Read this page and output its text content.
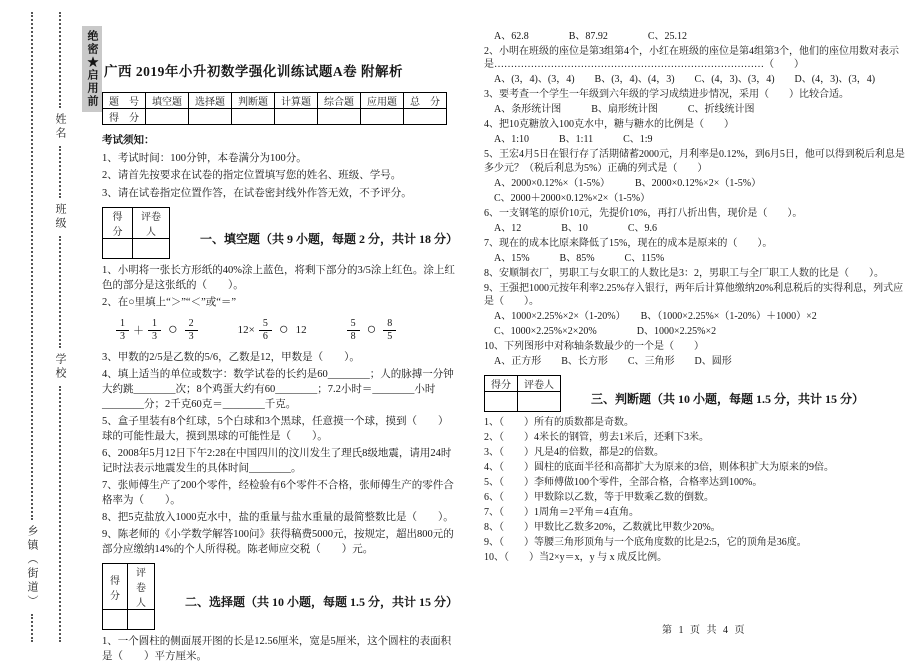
乡镇（街道）
姓名
班级
学校
绝密★启用前 广西 2019年小升初数学强化训练试题A卷 附解析
题　号	填空题	选择题	判断题	计算题	综合题	应用题	总　分
得　分							

考试须知：

1、考试时间：100分钟，本卷满分为100分。

2、请首先按要求在试卷的指定位置填写您的姓名、班级、学号。

3、请在试卷指定位置作答，在试卷密封线外作答无效，不予评分。

得分	评卷人
		一、填空题（共 9 小题，每题 2 分，共计 18 分）

1、小明将一张长方形纸的40%涂上蓝色，将剩下部分的3/5涂上红色。涂上红色的部分是这张纸的（　　）。

2、在○里填上“＞”“＜”或“＝”

$\frac{1}{3} + \frac{1}{3}$ ○ $\frac{2}{3}$	$12\times \frac{5}{6}$ ○ 12	$\frac{5}{8}$ ○ $\frac{8}{5}$

3、甲数的2/5是乙数的5/6，乙数是12，甲数是（　　）。

4、填上适当的单位或数字：数学试卷的长约是60________；人的脉搏一分钟大约跳________次；8个鸡蛋大约有60________；7.2小时＝________小时________分；2千克60克＝________千克。

5、盒子里装有8个红球，5个白球和3个黑球，任意摸一个球，摸到（　　）球的可能性最大，摸到黑球的可能性是（　　）。

6、2008年5月12日下午2:28在中国四川的汶川发生了理氏8级地震，请用24时记时法表示地震发生的具体时间________。

7、张师傅生产了200个零件，经检验有6个零件不合格，张师傅生产的零件合格率为（　　）。

8、把5克盐放入1000克水中，盐的重量与盐水重量的最简整数比是（　　）。

9、陈老师的《小学数学解答100问》获得稿费5000元，按规定，超出800元的部分应缴纳14%的个人所得税。陈老师应交税（　　）元。

得分	评卷人
		二、选择题（共 10 小题，每题 1.5 分，共计 15 分）

1、一个圆柱的侧面展开图的长是12.56厘米，宽是5厘米，这个圆柱的表面积是（　　）平方厘米。

A、62.8　　　　B、87.92　　　　C、25.12

2、小明在班级的座位是第3组第4个，小红在班级的座位是第4组第3个，他们的座位用数对表示是………………………………………………………………………（　　）

A、(3，4)、(3，4)　　B、(3，4)、(4，3)　　C、(4，3)、(3，4)　　D、(4，3)、(3，4)

3、要考查一个学生一年级到六年级的学习成绩进步情况，采用（　　）比较合适。

A、条形统计图　　　B、扇形统计图　　　C、折线统计图

4、把10克糖放入100克水中，糖与糖水的比例是（　　）

A、1:10　　　B、1:11　　　C、1:9

5、王宏4月5日在银行存了活期储蓄2000元，月利率是0.12%，到6月5日，他可以得到税后利息是多少元？（税后利息为5%）正确的列式是（　　）

A、2000×0.12%×（1-5%）　　　B、2000×0.12%×2×（1-5%）

C、2000＋2000×0.12%×2×（1-5%）

6、一支钢笔的原价10元，先提价10%，再打八折出售，现价是（　　）。

A、12　　　　B、10　　　　C、9.6

7、现在的成本比原来降低了15%，现在的成本是原来的（　　）。

A、15%　　　B、85%　　　C、115%

8、安顺制衣厂，男职工与女职工的人数比是3：2，男职工与全厂职工人数的比是（　　）。

9、王强把1000元按年利率2.25%存入银行，两年后计算他缴纳20%利息税后的实得利息，列式应是（　　）。

A、1000×2.25%×2×（1-20%）　　B、（1000×2.25%×（1-20%）＋1000）×2

C、1000×2.25%×2×20%　　　　D、1000×2.25%×2

10、下列图形中对称轴条数最少的一个是（　　）

A、正方形　　B、长方形　　C、三角形　　D、圆形

得分	评卷人

三、判断题（共 10 小题，每题 1.5 分，共计 15 分）

1、（　　）所有的质数都是奇数。

2、（　　）4米长的钢管，剪去1米后，还剩下3米。

3、（　　）凡是4的倍数，都是2的倍数。

4、（　　）圆柱的底面半径和高都扩大为原来的3倍，则体积扩大为原来的9倍。

5、（　　）李师傅做100个零件，全部合格，合格率达到100%。

6、（　　）甲数除以乙数，等于甲数乘乙数的倒数。

7、（　　）1周角＝2平角＝4直角。

8、（　　）甲数比乙数多20%，乙数就比甲数少20%。

9、（　　）等腰三角形顶角与一个底角度数的比是2:5，它的顶角是36度。

10、（　　）当2×y＝x，y 与 x 成反比例。

第 1 页 共 4 页
